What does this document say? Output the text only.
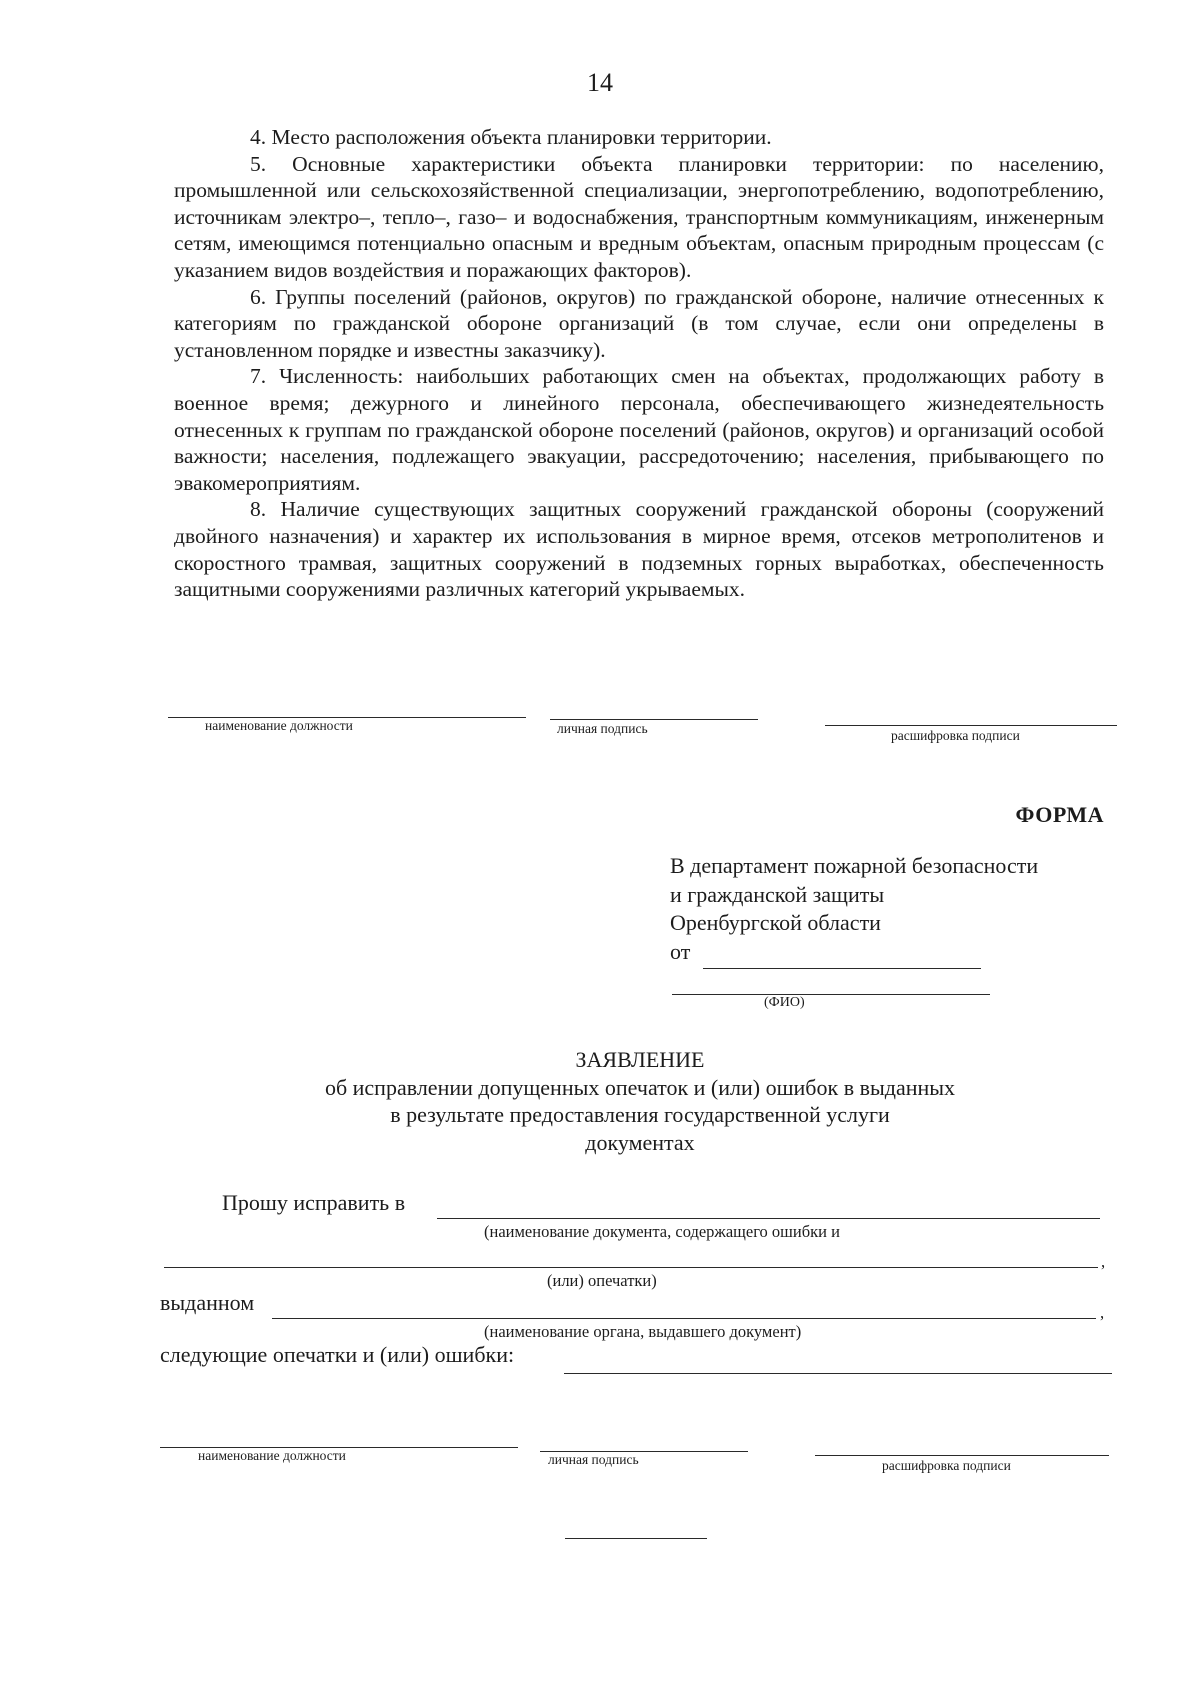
14

4. Место расположения объекта планировки территории.

5. Основные характеристики объекта планировки территории: по населению, промышленной или сельскохозяйственной специализации, энергопотреблению, водопотреблению, источникам электро–, тепло–, газо– и водоснабжения, транспортным коммуникациям, инженерным сетям, имеющимся потенциально опасным и вредным объектам, опасным природным процессам (с указанием видов воздействия и поражающих факторов).

6. Группы поселений (районов, округов) по гражданской обороне, наличие отнесенных к категориям по гражданской обороне организаций (в том случае, если они определены в установленном порядке и известны заказчику).

7. Численность: наибольших работающих смен на объектах, продолжающих работу в военное время; дежурного и линейного персонала, обеспечивающего жизнедеятельность отнесенных к группам по гражданской обороне поселений (районов, округов) и организаций особой важности; населения, подлежащего эвакуации, рассредоточению; населения, прибывающего по эвакомероприятиям.

8. Наличие существующих защитных сооружений гражданской обороны (сооружений двойного назначения) и характер их использования в мирное время, отсеков метрополитенов и скоростного трамвая, защитных сооружений в подземных горных выработках, обеспеченность защитными сооружениями различных категорий укрываемых.

наименование должности	личная подпись	расшифровка подписи
ФОРМА
В департамент пожарной безопасности
и гражданской защиты
Оренбургской области
от
(ФИО)
ЗАЯВЛЕНИЕ
об исправлении допущенных опечаток и (или) ошибок в выданных
в результате предоставления государственной услуги
документах
Прошу исправить в
(наименование документа, содержащего ошибки и
,
(или) опечатки)
выданном	,
(наименование органа, выдавшего документ)
следующие опечатки и (или) ошибки:
наименование должности	личная подпись	расшифровка подписи
